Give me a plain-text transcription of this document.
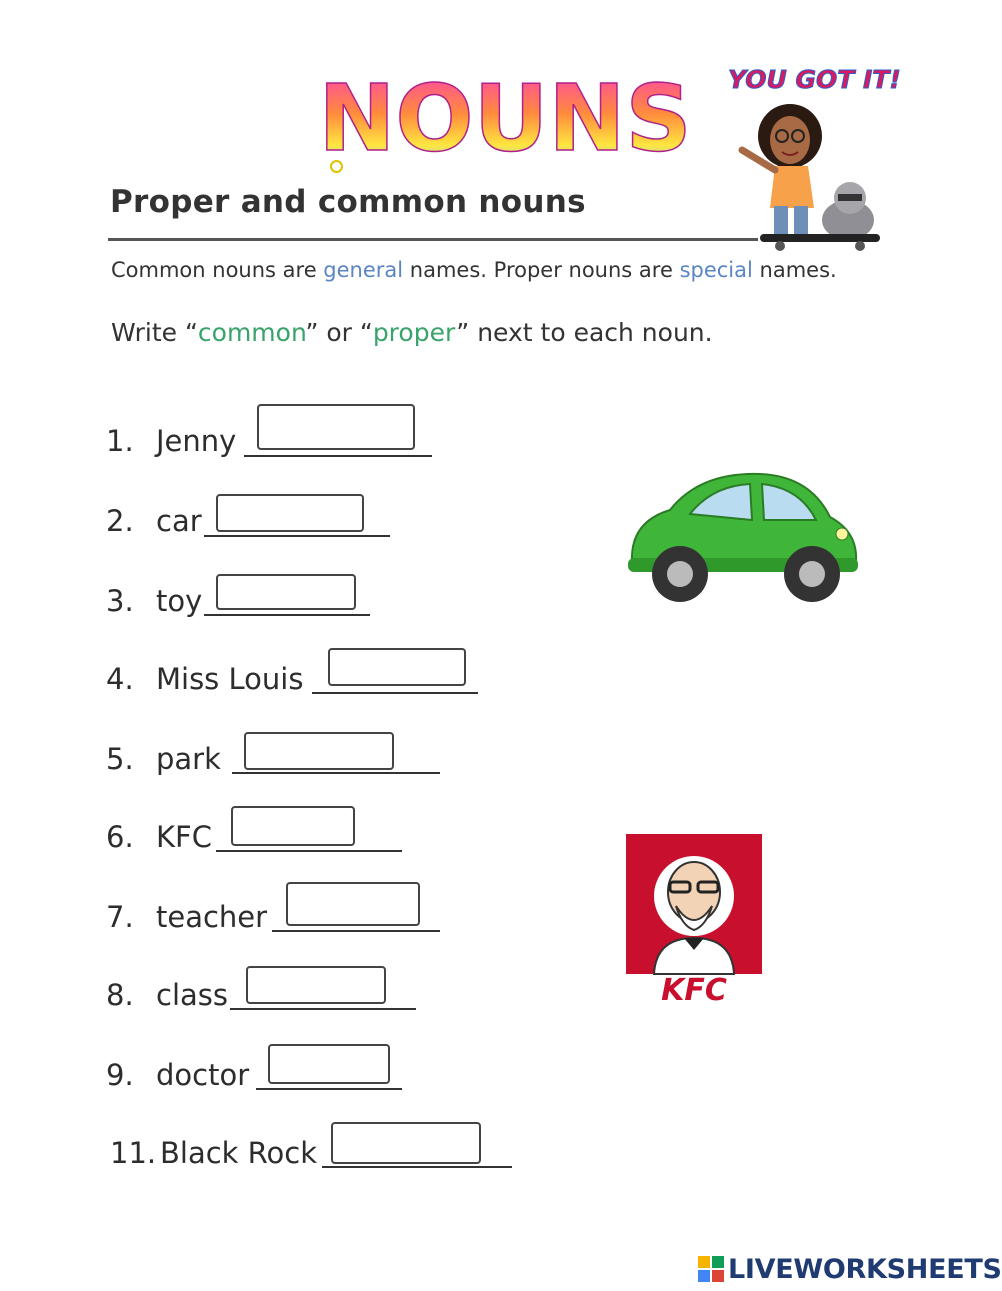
NOUNS YOU GOT IT!
Proper and common nouns
Common nouns are general names. Proper nouns are special names.
Write “common” or “proper” next to each noun.
1. Jenny
2. car
3. toy
4. Miss Louis
5. park
6. KFC
7. teacher
8. class
9. doctor
11. Black Rock
KFC
LIVEWORKSHEETS
